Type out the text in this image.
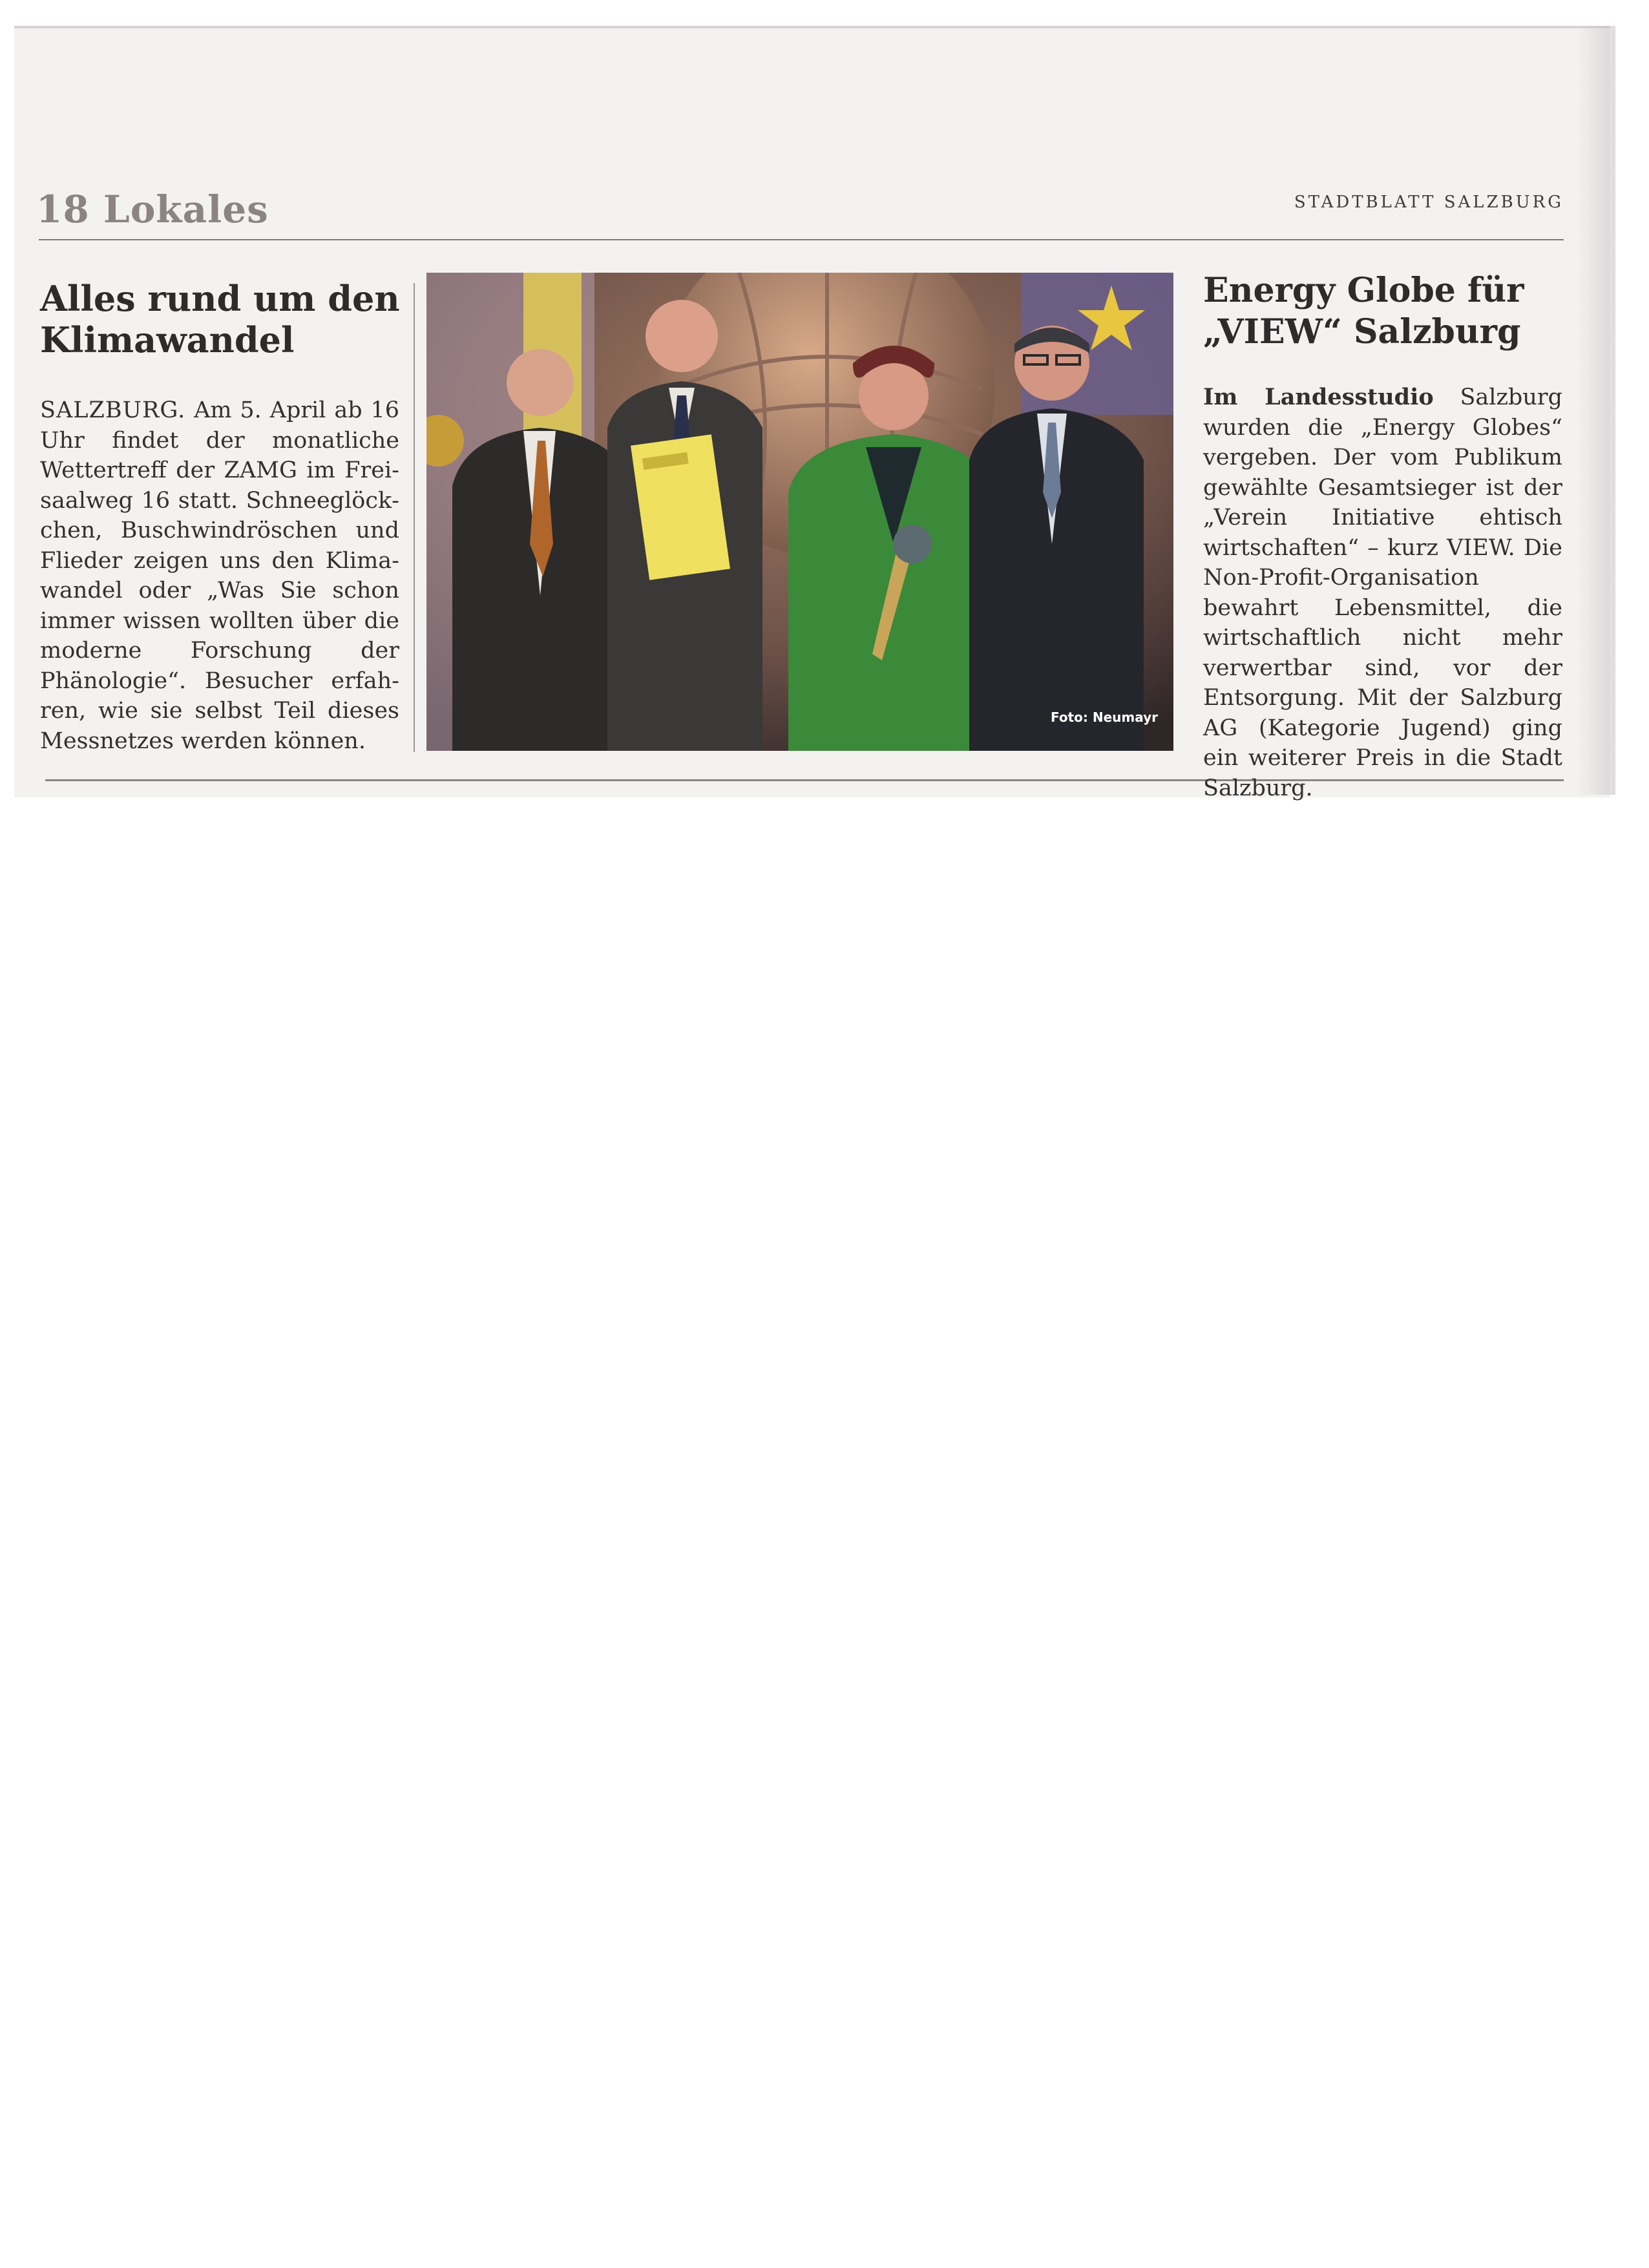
18 Lokales	STADTBLATT SALZBURG
Alles rund um den Klimawandel

SALZBURG. Am 5. April ab 16 Uhr findet der monatliche Wettertreff der ZAMG im Freisaalweg 16 statt. Schneeglöckchen, Buschwindröschen und Flieder zeigen uns den Klimawandel oder „Was Sie schon immer wissen wollten über die moderne Forschung der Phänologie“. Besucher erfahren, wie sie selbst Teil dieses Messnetzes werden können.

Foto: Neumayr
Energy Globe für „VIEW“ Salzburg

Im Landesstudio Salzburg wurden die „Energy Globes“ vergeben. Der vom Publikum gewählte Gesamtsieger ist der „Verein Initiative ehtisch wirtschaften“ – kurz VIEW. Die Non-Profit-Organisation bewahrt Lebensmittel, die wirtschaftlich nicht mehr verwertbar sind, vor der Entsorgung. Mit der Salzburg AG (Kategorie Jugend) ging ein weiterer Preis in die Stadt Salzburg.
